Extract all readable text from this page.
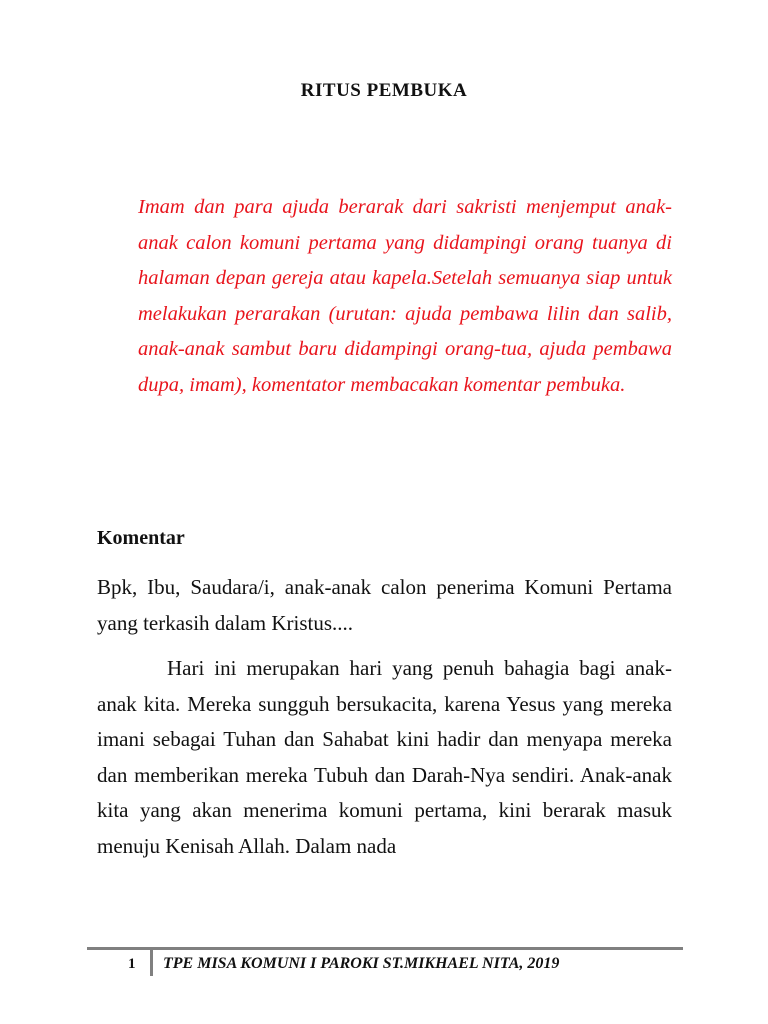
RITUS PEMBUKA
Imam dan para ajuda berarak dari sakristi menjemput anak-anak calon komuni pertama yang didampingi orang tuanya di halaman depan gereja atau kapela.Setelah semuanya siap untuk melakukan perarakan (urutan: ajuda pembawa lilin dan salib, anak-anak sambut baru didampingi orang-tua, ajuda pembawa dupa, imam), komentator membacakan komentar pembuka.
Komentar

Bpk, Ibu, Saudara/i, anak-anak calon penerima Komuni Pertama yang terkasih dalam Kristus....

Hari ini merupakan hari yang penuh bahagia bagi anak-anak kita. Mereka sungguh bersukacita, karena Yesus yang mereka imani sebagai Tuhan dan Sahabat kini hadir dan menyapa mereka dan memberikan mereka Tubuh dan Darah-Nya sendiri. Anak-anak kita yang akan menerima komuni pertama, kini berarak masuk menuju Kenisah Allah. Dalam nada

1 TPE MISA KOMUNI I PAROKI ST.MIKHAEL NITA, 2019
